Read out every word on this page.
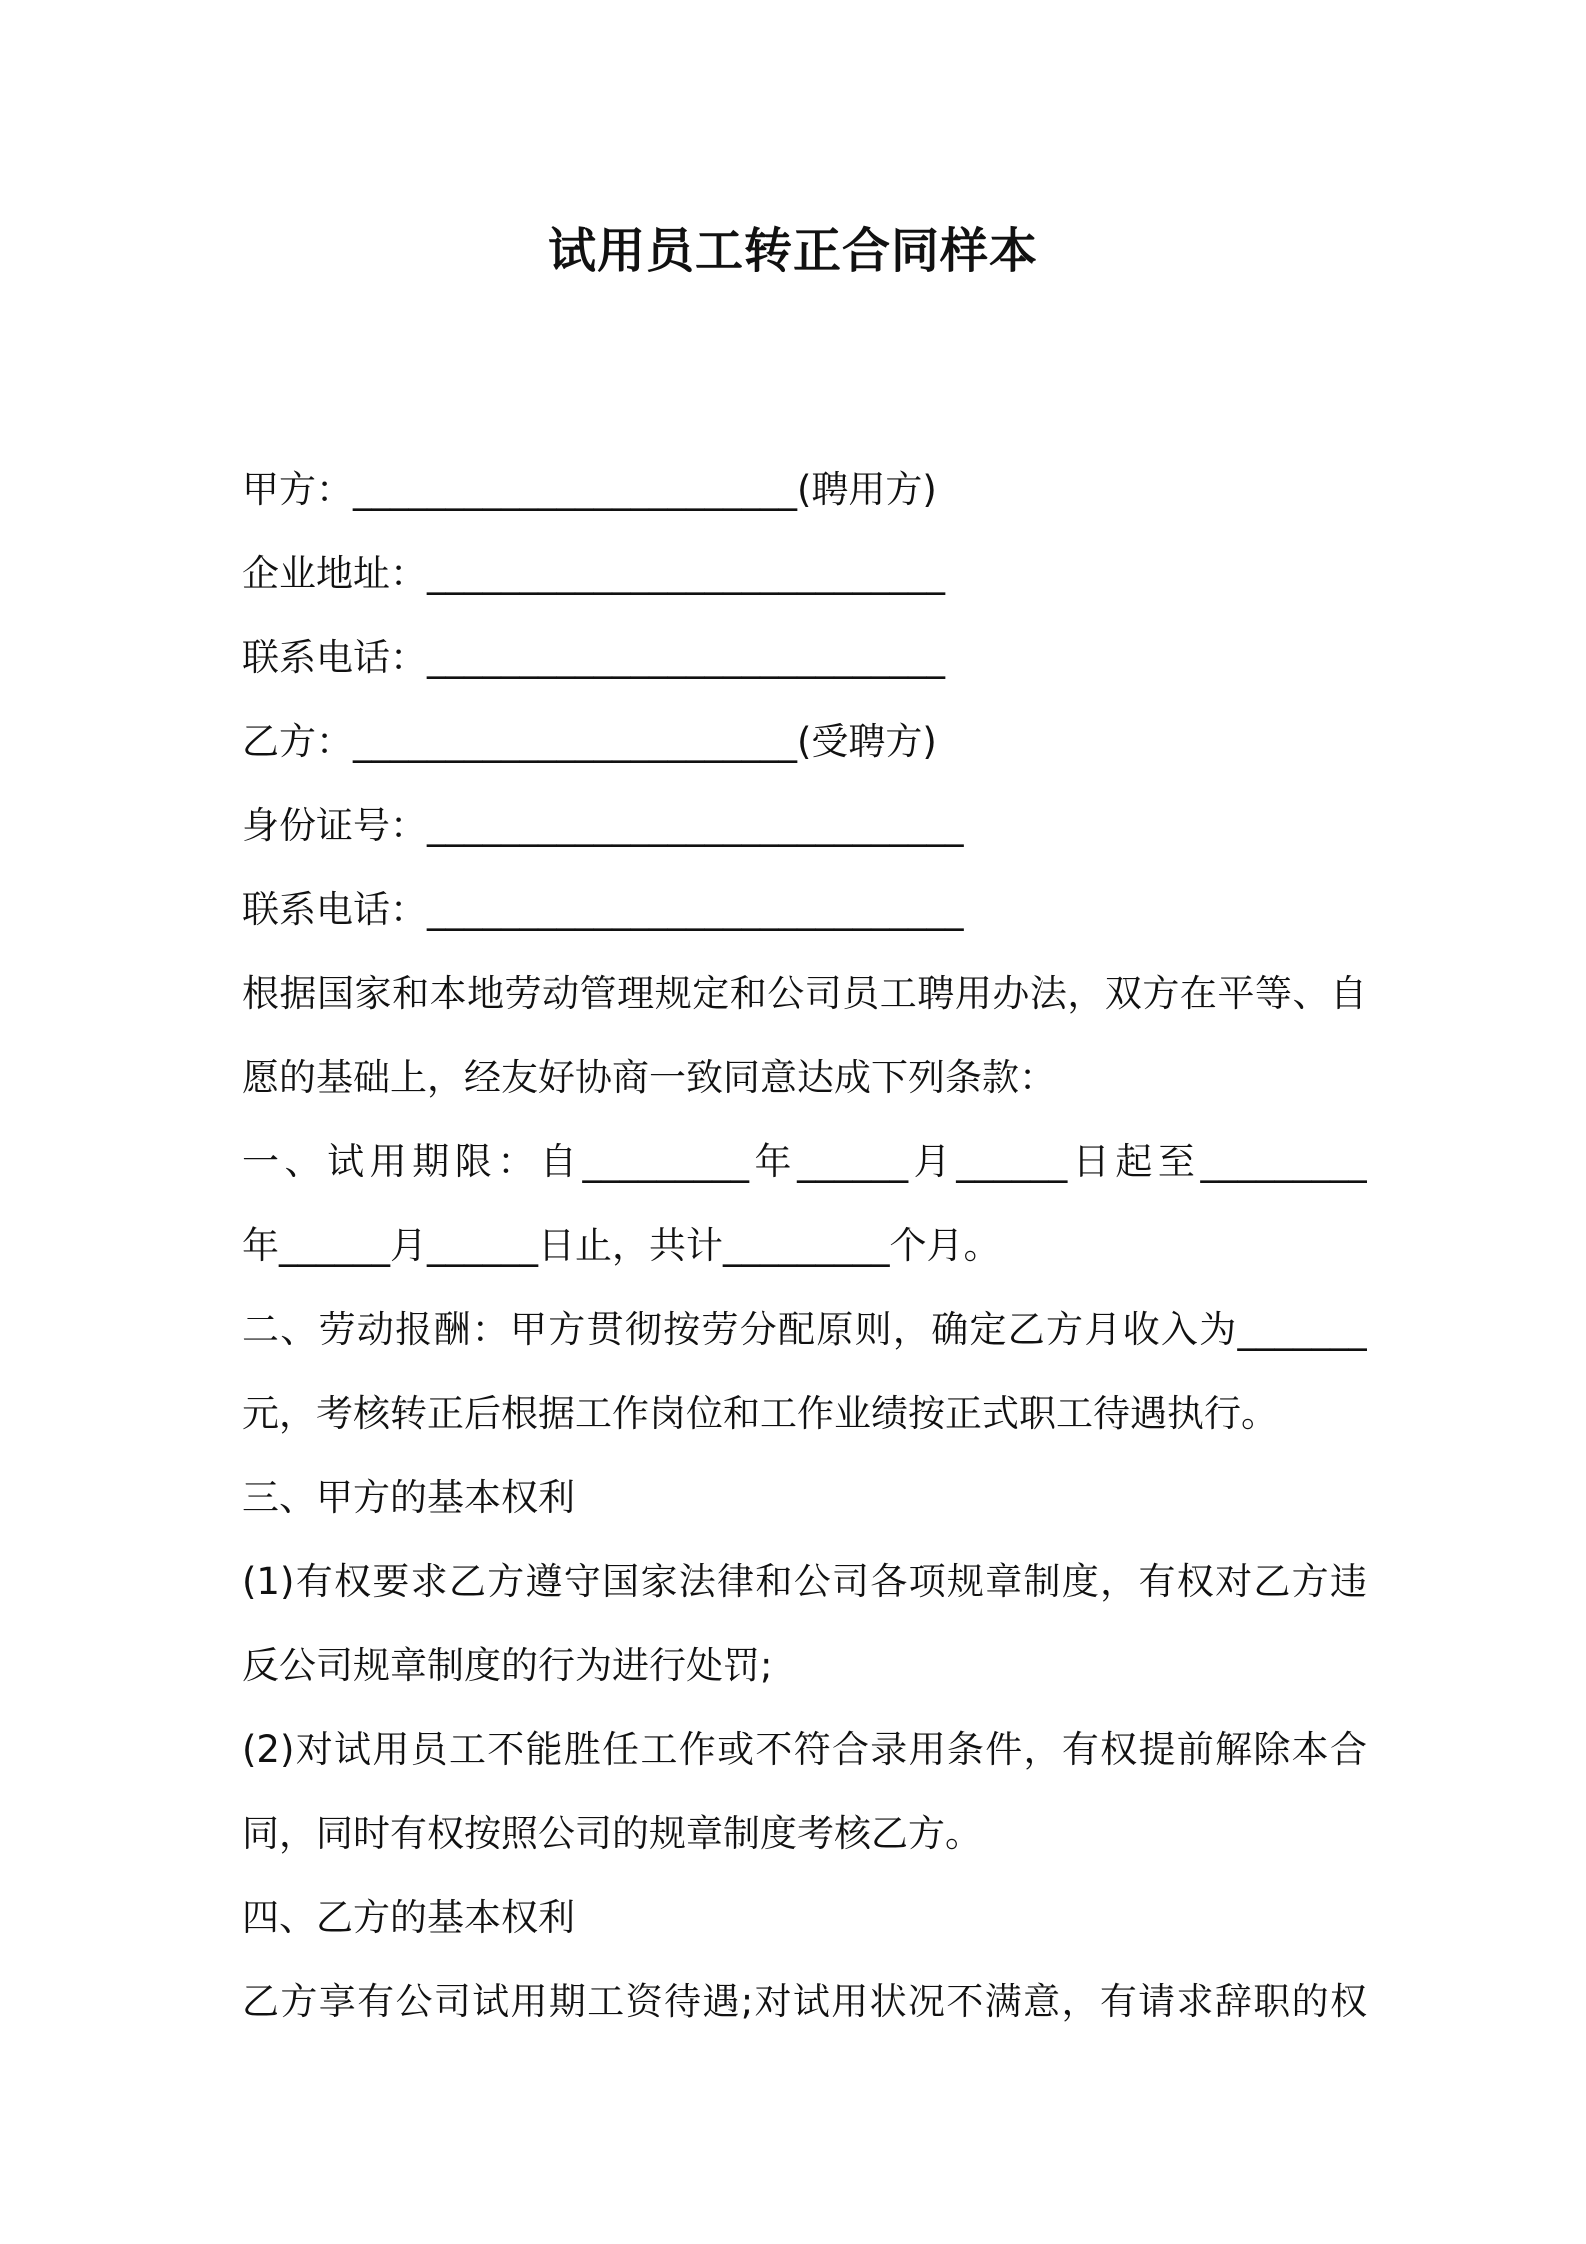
试用员工转正合同样本
甲方：________________________(聘用方)
企业地址：____________________________
联系电话：____________________________
乙方：________________________(受聘方)
身份证号：_____________________________
联系电话：_____________________________
根据国家和本地劳动管理规定和公司员工聘用办法，双方在平等、自
愿的基础上，经友好协商一致同意达成下列条款：
一、试用期限：自_________年______月______日起至_________
年______月______日止，共计_________个月。
二、劳动报酬：甲方贯彻按劳分配原则，确定乙方月收入为_______
元，考核转正后根据工作岗位和工作业绩按正式职工待遇执行。
三、甲方的基本权利
(1)有权要求乙方遵守国家法律和公司各项规章制度，有权对乙方违
反公司规章制度的行为进行处罚;
(2)对试用员工不能胜任工作或不符合录用条件，有权提前解除本合
同，同时有权按照公司的规章制度考核乙方。
四、乙方的基本权利
乙方享有公司试用期工资待遇;对试用状况不满意，有请求辞职的权
